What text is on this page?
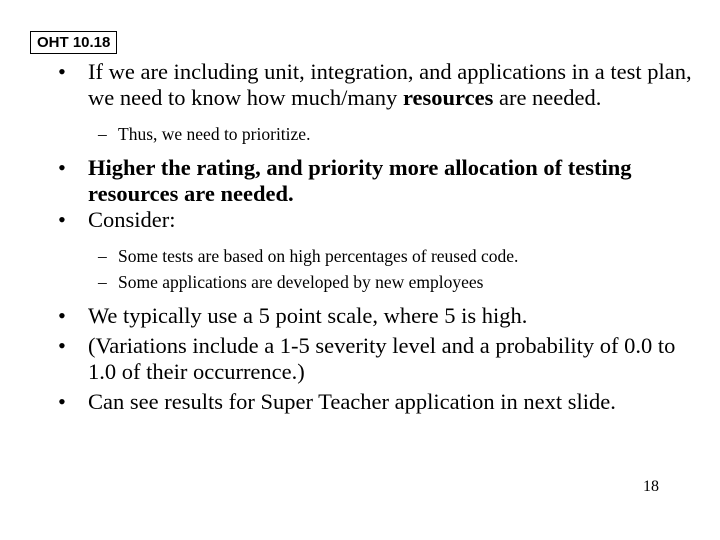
OHT 10.18

• If we are including unit, integration, and applications in a test plan, we need to know how much/many resources are needed.

– Thus, we need to prioritize.

• Higher the rating, and priority more allocation of testing resources are needed.

• Consider:

– Some tests are based on high percentages of reused code.

– Some applications are developed by new employees

• We typically use a 5 point scale, where 5 is high.

• (Variations include a 1-5 severity level and a probability of 0.0 to 1.0 of their occurrence.)

• Can see results for Super Teacher application in next slide.

18
